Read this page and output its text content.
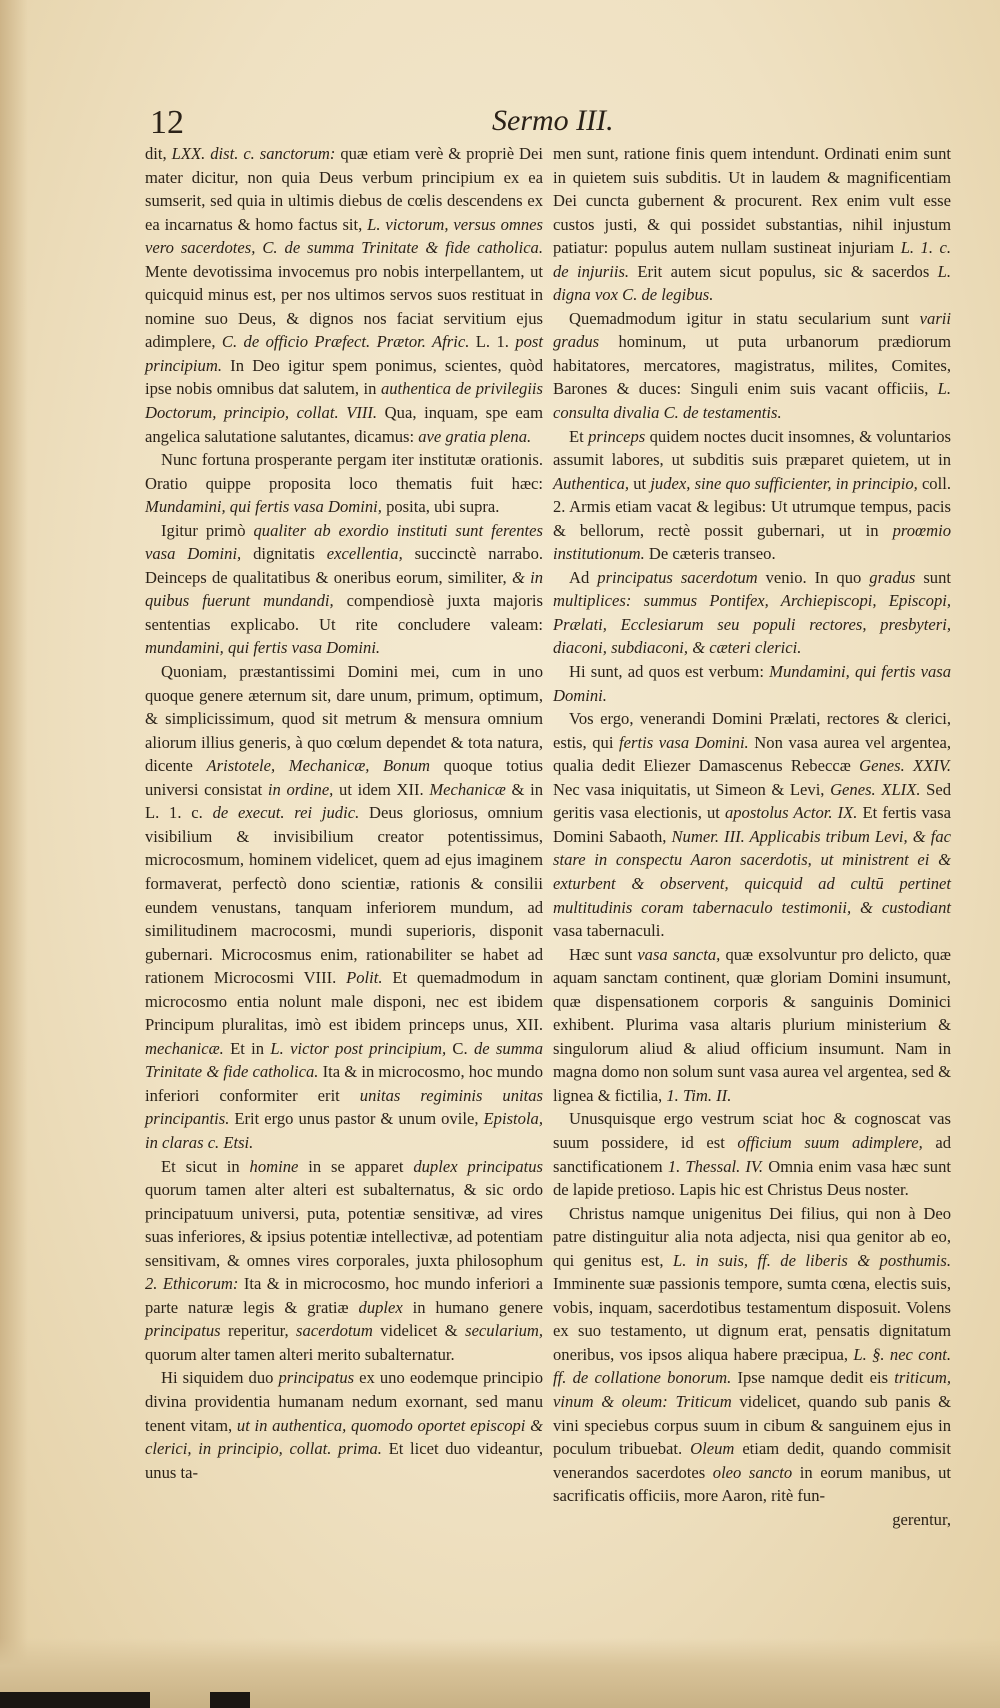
12	Sermo III.

dit, LXX. dist. c. sanctorum: quæ etiam verè & propriè Dei mater dicitur, non quia Deus verbum principium ex ea sumserit, sed quia in ultimis diebus de cœlis descendens ex ea incarnatus & homo factus sit, L. victorum, versus omnes vero sacerdotes, C. de summa Trinitate & fide catholica. Mente devotissima invocemus pro nobis interpellantem, ut quicquid minus est, per nos ultimos servos suos restituat in nomine suo Deus, & dignos nos faciat servitium ejus adimplere, C. de officio Præfect. Prætor. Afric. L. 1. post principium. In Deo igitur spem ponimus, scientes, quòd ipse nobis omnibus dat salutem, in authentica de privilegiis Doctorum, principio, collat. VIII. Qua, inquam, spe eam angelica salutatione salutantes, dicamus: ave gratia plena.

Nunc fortuna prosperante pergam iter institutæ orationis. Oratio quippe proposita loco thematis fuit hæc: Mundamini, qui fertis vasa Domini, posita, ubi supra.

Igitur primò qualiter ab exordio instituti sunt ferentes vasa Domini, dignitatis excellentia, succinctè narrabo. Deinceps de qualitatibus & oneribus eorum, similiter, & in quibus fuerunt mundandi, compendiosè juxta majoris sententias explicabo. Ut rite concludere valeam: mundamini, qui fertis vasa Domini.

Quoniam, præstantissimi Domini mei, cum in uno quoque genere æternum sit, dare unum, primum, optimum, & simplicissimum, quod sit metrum & mensura omnium aliorum illius generis, à quo cœlum dependet & tota natura, dicente Aristotele, Mechanicæ, Bonum quoque totius universi consistat in ordine, ut idem XII. Mechanicæ & in L. 1. c. de execut. rei judic. Deus gloriosus, omnium visibilium & invisibilium creator potentissimus, microcosmum, hominem videlicet, quem ad ejus imaginem formaverat, perfectò dono scientiæ, rationis & consilii eundem venustans, tanquam inferiorem mundum, ad similitudinem macrocosmi, mundi superioris, disponit gubernari. Microcosmus enim, rationabiliter se habet ad rationem Microcosmi VIII. Polit. Et quemadmodum in microcosmo entia nolunt male disponi, nec est ibidem Principum pluralitas, imò est ibidem princeps unus, XII. mechanicæ. Et in L. victor post principium, C. de summa Trinitate & fide catholica. Ita & in microcosmo, hoc mundo inferiori conformiter erit unitas regiminis unitas principantis. Erit ergo unus pastor & unum ovile, Epistola, in claras c. Etsi.

Et sicut in homine in se apparet duplex principatus quorum tamen alter alteri est subalternatus, & sic ordo principatuum universi, puta, potentiæ sensitivæ, ad vires suas inferiores, & ipsius potentiæ intellectivæ, ad potentiam sensitivam, & omnes vires corporales, juxta philosophum 2. Ethicorum: Ita & in microcosmo, hoc mundo inferiori a parte naturæ legis & gratiæ duplex in humano genere principatus reperitur, sacerdotum videlicet & secularium, quorum alter tamen alteri merito subalternatur.

Hi siquidem duo principatus ex uno eodemque principio divina providentia humanam nedum exornant, sed manu tenent vitam, ut in authentica, quomodo oportet episcopi & clerici, in principio, collat. prima. Et licet duo videantur, unus ta-

men sunt, ratione finis quem intendunt. Ordinati enim sunt in quietem suis subditis. Ut in laudem & magnificentiam Dei cuncta gubernent & procurent. Rex enim vult esse custos justi, & qui possidet substantias, nihil injustum patiatur: populus autem nullam sustineat injuriam L. 1. c. de injuriis. Erit autem sicut populus, sic & sacerdos L. digna vox C. de legibus.

Quemadmodum igitur in statu secularium sunt varii gradus hominum, ut puta urbanorum prædiorum habitatores, mercatores, magistratus, milites, Comites, Barones & duces: Singuli enim suis vacant officiis, L. consulta divalia C. de testamentis.

Et princeps quidem noctes ducit insomnes, & voluntarios assumit labores, ut subditis suis præparet quietem, ut in Authentica, ut judex, sine quo sufficienter, in principio, coll. 2. Armis etiam vacat & legibus: Ut utrumque tempus, pacis & bellorum, rectè possit gubernari, ut in proœmio institutionum. De cæteris transeo.

Ad principatus sacerdotum venio. In quo gradus sunt multiplices: summus Pontifex, Archiepiscopi, Episcopi, Prælati, Ecclesiarum seu populi rectores, presbyteri, diaconi, subdiaconi, & cæteri clerici.

Hi sunt, ad quos est verbum: Mundamini, qui fertis vasa Domini.

Vos ergo, venerandi Domini Prælati, rectores & clerici, estis, qui fertis vasa Domini. Non vasa aurea vel argentea, qualia dedit Eliezer Damascenus Rebeccæ Genes. XXIV. Nec vasa iniquitatis, ut Simeon & Levi, Genes. XLIX. Sed geritis vasa electionis, ut apostolus Actor. IX. Et fertis vasa Domini Sabaoth, Numer. III. Applicabis tribum Levi, & fac stare in conspectu Aaron sacerdotis, ut ministrent ei & exturbent & observent, quicquid ad cultū pertinet multitudinis coram tabernaculo testimonii, & custodiant vasa tabernaculi.

Hæc sunt vasa sancta, quæ exsolvuntur pro delicto, quæ aquam sanctam continent, quæ gloriam Domini insumunt, quæ dispensationem corporis & sanguinis Dominici exhibent. Plurima vasa altaris plurium ministerium & singulorum aliud & aliud officium insumunt. Nam in magna domo non solum sunt vasa aurea vel argentea, sed & lignea & fictilia, 1. Tim. II.

Unusquisque ergo vestrum sciat hoc & cognoscat vas suum possidere, id est officium suum adimplere, ad sanctificationem 1. Thessal. IV. Omnia enim vasa hæc sunt de lapide pretioso. Lapis hic est Christus Deus noster.

Christus namque unigenitus Dei filius, qui non à Deo patre distinguitur alia nota adjecta, nisi qua genitor ab eo, qui genitus est, L. in suis, ff. de liberis & posthumis. Imminente suæ passionis tempore, sumta cœna, electis suis, vobis, inquam, sacerdotibus testamentum disposuit. Volens ex suo testamento, ut dignum erat, pensatis dignitatum oneribus, vos ipsos aliqua habere præcipua, L. §. nec cont. ff. de collatione bonorum. Ipse namque dedit eis triticum, vinum & oleum: Triticum videlicet, quando sub panis & vini speciebus corpus suum in cibum & sanguinem ejus in poculum tribuebat. Oleum etiam dedit, quando commisit venerandos sacerdotes oleo sancto in eorum manibus, ut sacrificatis officiis, more Aaron, ritè fun-

gerentur,
